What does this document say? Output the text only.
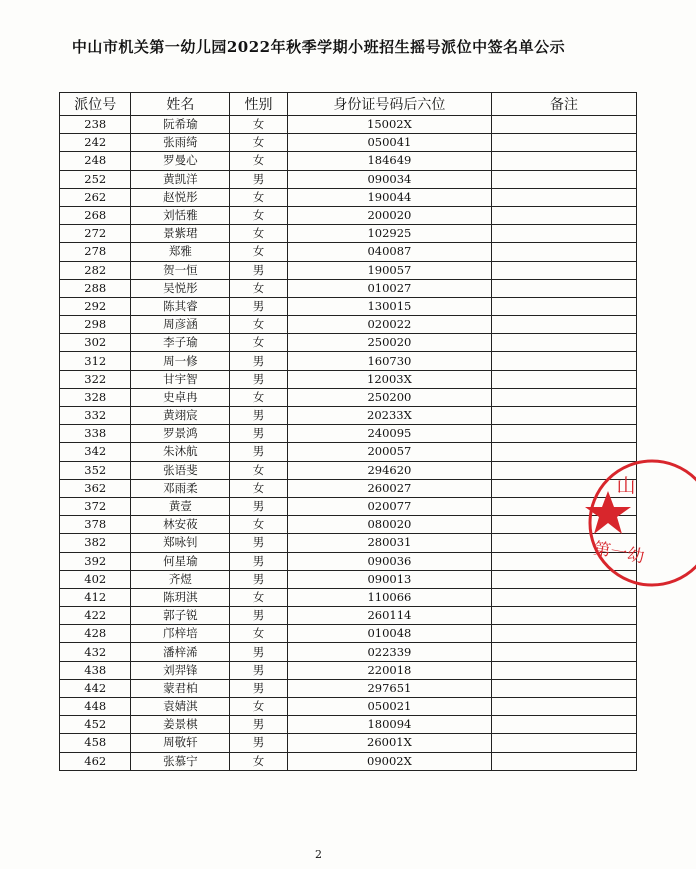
中山市机关第一幼儿园2022年秋季学期小班招生摇号派位中签名单公示
派位号	姓名	性别	身份证号码后六位	备注
238	阮希瑜	女	15002X	
242	张雨绮	女	050041	
248	罗曼心	女	184649	
252	黄凯洋	男	090034	
262	赵悦彤	女	190044	
268	刘恬雅	女	200020	
272	景紫珺	女	102925	
278	郑雅	女	040087	
282	贺一恒	男	190057	
288	吴悦彤	女	010027	
292	陈其睿	男	130015	
298	周彦涵	女	020022	
302	李子瑜	女	250020	
312	周一修	男	160730	
322	甘宇智	男	12003X	
328	史卓冉	女	250200	
332	黄翊宸	男	20233X	
338	罗景鸿	男	240095	
342	朱沐航	男	200057	
352	张语斐	女	294620	
362	邓雨柔	女	260027	
372	黄壹	男	020077	
378	林安莜	女	080020	
382	郑咏钊	男	280031	
392	何星瑜	男	090036	
402	齐煜	男	090013	
412	陈玥淇	女	110066	
422	郭子锐	男	260114	
428	邝梓培	女	010048	
432	潘梓浠	男	022339	
438	刘羿锋	男	220018	
442	蒙君柏	男	297651	
448	袁婧淇	女	050021	
452	姜景棋	男	180094	
458	周敬轩	男	26001X	
462	张慕宁	女	09002X	
2
山
第一幼
